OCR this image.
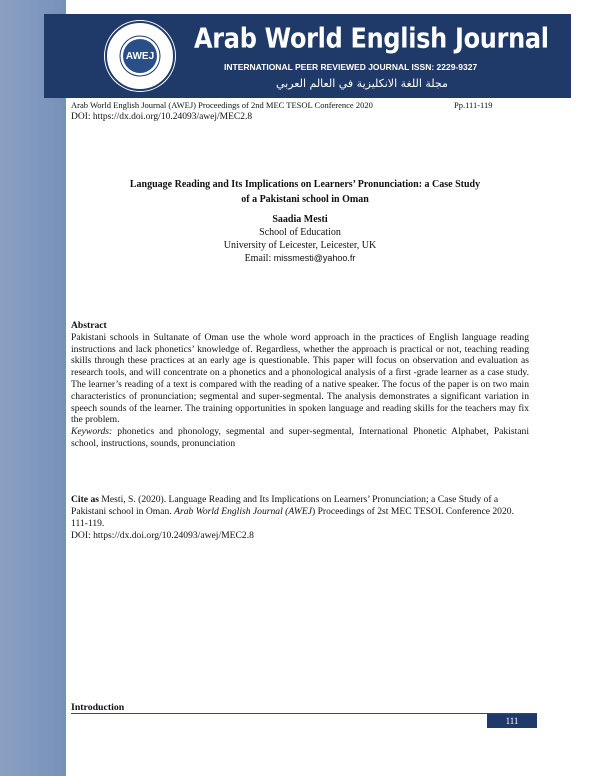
AWEJ
Arab World English Journal
INTERNATIONAL PEER REVIEWED JOURNAL ISSN: 2229-9327
مجلة اللغة الانكليزية في العالم العربي
Arab World English Journal (AWEJ) Proceedings of 2nd MEC TESOL Conference 2020	Pp.111-119
DOI: https://dx.doi.org/10.24093/awej/MEC2.8
Language Reading and Its Implications on Learners’ Pronunciation: a Case Study
of a Pakistani school in Oman
Saadia Mesti
School of Education
University of Leicester, Leicester, UK
Email: missmesti@yahoo.fr
Abstract
Pakistani schools in Sultanate of Oman use the whole word approach in the practices of English language reading instructions and lack phonetics’ knowledge of. Regardless, whether the approach is practical or not, teaching reading skills through these practices at an early age is questionable. This paper will focus on observation and evaluation as research tools, and will concentrate on a phonetics and a phonological analysis of a first -grade learner as a case study. The learner’s reading of a text is compared with the reading of a native speaker. The focus of the paper is on two main characteristics of pronunciation; segmental and super-segmental. The analysis demonstrates a significant variation in speech sounds of the learner. The training opportunities in spoken language and reading skills for the teachers may fix the problem.
Keywords: phonetics and phonology, segmental and super-segmental, International Phonetic Alphabet, Pakistani school, instructions, sounds, pronunciation
Cite as Mesti, S. (2020). Language Reading and Its Implications on Learners’ Pronunciation; a Case Study of a Pakistani school in Oman. Arab World English Journal (AWEJ) Proceedings of 2st MEC TESOL Conference 2020. 111-119.
DOI: https://dx.doi.org/10.24093/awej/MEC2.8
Introduction
111
